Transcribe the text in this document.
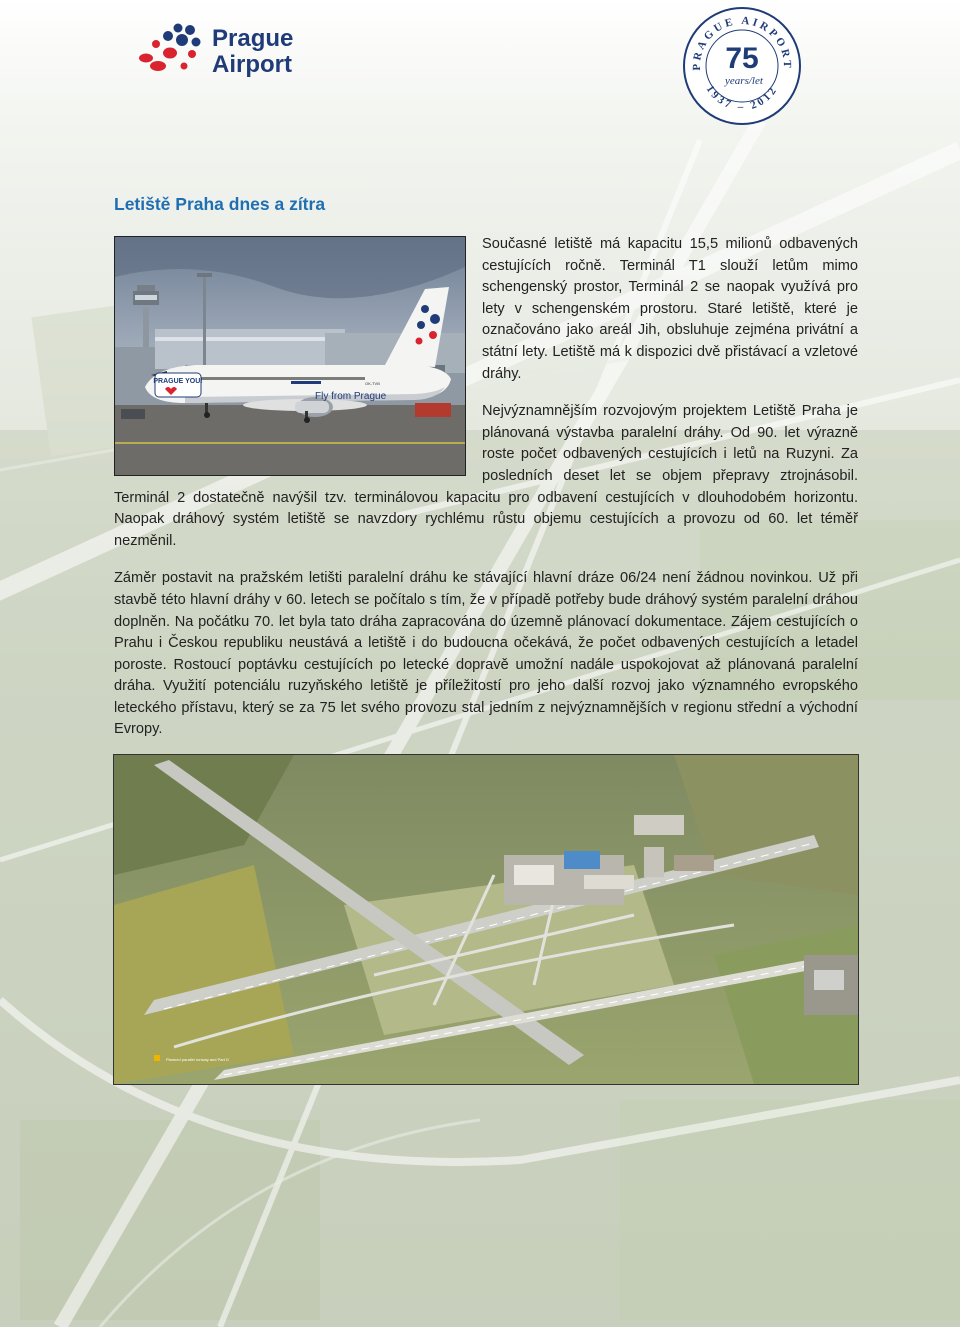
Prague
Airport	PRAGUE AIRPORT
1937 – 2012
75
years/let
Letiště Praha dnes a zítra
PRAGUE YOU!
Fly from Prague
OK-TVB

Současné letiště má kapacitu 15,5 milionů odbavených cestujících ročně. Terminál T1 slouží letům mimo schengenský prostor, Terminál 2 se naopak využívá pro lety v schengenském prostoru. Staré letiště, které je označováno jako areál Jih, obsluhuje zejména privátní a státní lety. Letiště má k dispozici dvě přistávací a vzletové dráhy.

Nejvýznamnějším rozvojovým projektem Letiště Praha je plánovaná výstavba paralelní dráhy. Od 90. let výrazně roste počet odbavených cestujících i letů na Ruzyni. Za posledních deset let se objem přepravy ztrojnásobil. Terminál 2 dostatečně navýšil tzv. terminálovou kapacitu pro odbavení cestujících v dlouhodobém horizontu. Naopak dráhový systém letiště se navzdory rychlému růstu objemu cestujících a provozu od 60. let téměř nezměnil.

Záměr postavit na pražském letišti paralelní dráhu ke stávající hlavní dráze 06/24 není žádnou novinkou. Už při stavbě této hlavní dráhy v 60. letech se počítalo s tím, že v případě potřeby bude dráhový systém paralelní dráhou doplněn. Na počátku 70. let byla tato dráha zapracována do územně plánovací dokumentace. Zájem cestujících o Prahu i Českou republiku neustává a letiště i do budoucna očekává, že počet odbavených cestujících a letadel poroste. Rostoucí poptávku cestujících po letecké dopravě umožní nadále uspokojovat až plánovaná paralelní dráha. Využití potenciálu ruzyňského letiště je příležitostí pro jeho další rozvoj jako významného evropského leteckého přístavu, který se za 75 let svého provozu stal jedním z nejvýznamnějších v regionu střední a východní Evropy.

Planned parallel runway and Part D
